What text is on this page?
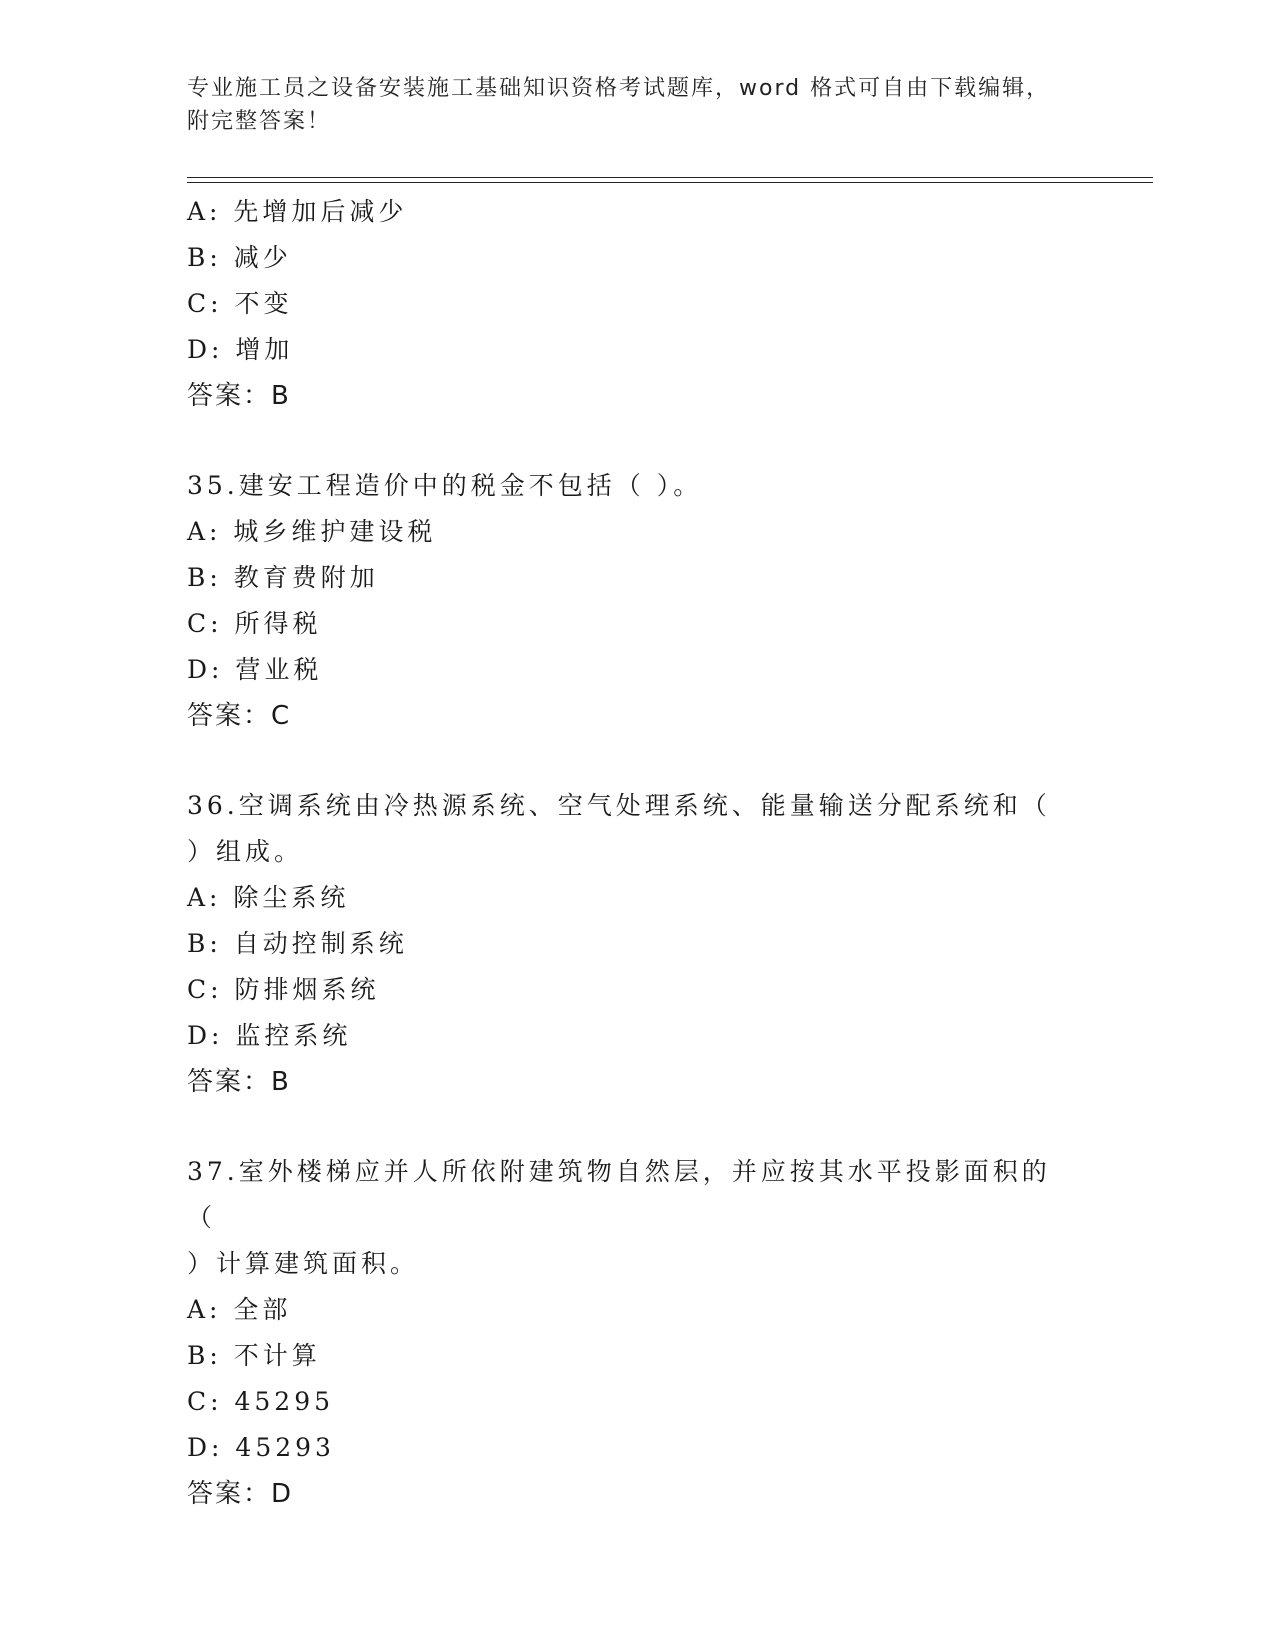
专业施工员之设备安装施工基础知识资格考试题库，word 格式可自由下载编辑，
附完整答案！
A: 先增加后减少
B: 减少
C: 不变
D: 增加
答案：B
35.建安工程造价中的税金不包括（ ）。
A: 城乡维护建设税
B: 教育费附加
C: 所得税
D: 营业税
答案：C
36.空调系统由冷热源系统、空气处理系统、能量输送分配系统和（
）组成。
A: 除尘系统
B: 自动控制系统
C: 防排烟系统
D: 监控系统
答案：B
37.室外楼梯应并人所依附建筑物自然层，并应按其水平投影面积的（
）计算建筑面积。
A: 全部
B: 不计算
C: 45295
D: 45293
答案：D
